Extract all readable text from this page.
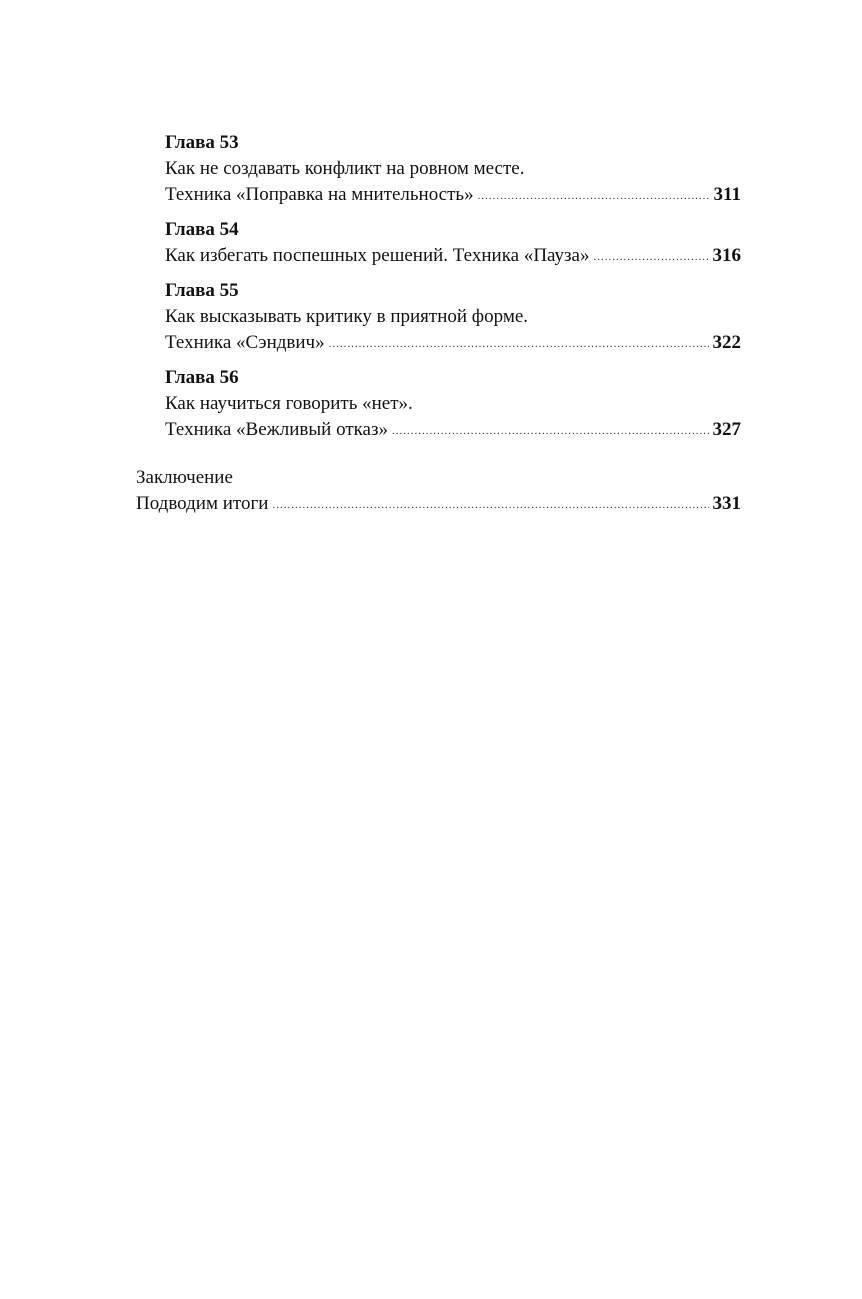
Глава 53
Как не создавать конфликт на ровном месте.
Техника «Поправка на мнительность» .....	311
Глава 54
Как избегать поспешных решений. Техника «Пауза» .....	316
Глава 55
Как высказывать критику в приятной форме.
Техника «Сэндвич» .....	322
Глава 56
Как научиться говорить «нет».
Техника «Вежливый отказ» .....	327
Заключение
Подводим итоги .....	331
